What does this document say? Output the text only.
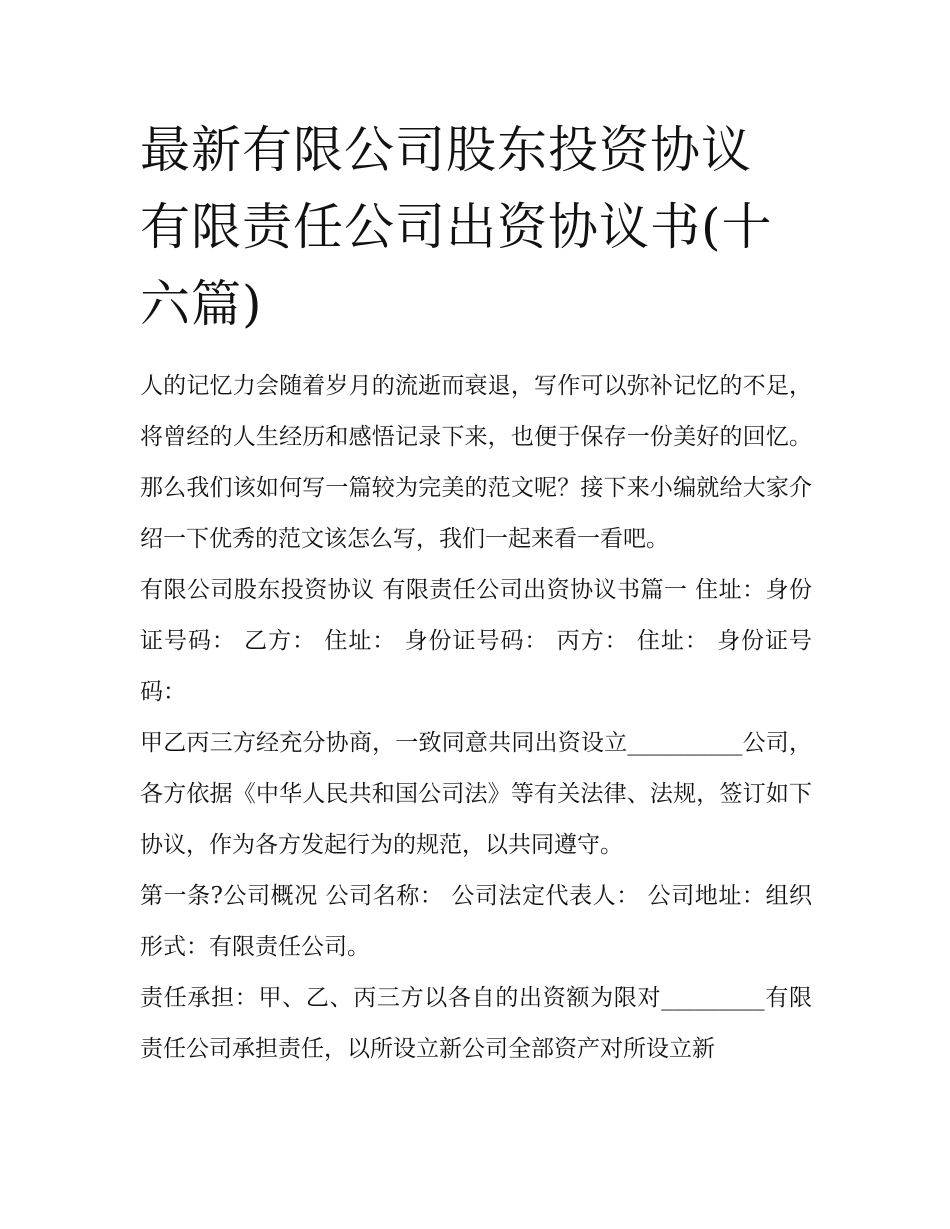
最新有限公司股东投资协议 有限责任公司出资协议书(十六篇)

人的记忆力会随着岁月的流逝而衰退，写作可以弥补记忆的不足，将曾经的人生经历和感悟记录下来，也便于保存一份美好的回忆。那么我们该如何写一篇较为完美的范文呢？接下来小编就给大家介绍一下优秀的范文该怎么写，我们一起来看一看吧。

有限公司股东投资协议 有限责任公司出资协议书篇一 住址：身份证号码： 乙方： 住址： 身份证号码： 丙方： 住址： 身份证号码：

甲乙丙三方经充分协商，一致同意共同出资设立__________公司，各方依据《中华人民共和国公司法》等有关法律、法规，签订如下协议，作为各方发起行为的规范，以共同遵守。

第一条?公司概况 公司名称： 公司法定代表人： 公司地址：组织形式：有限责任公司。

责任承担：甲、乙、丙三方以各自的出资额为限对_________有限责任公司承担责任，以所设立新公司全部资产对所设立新
